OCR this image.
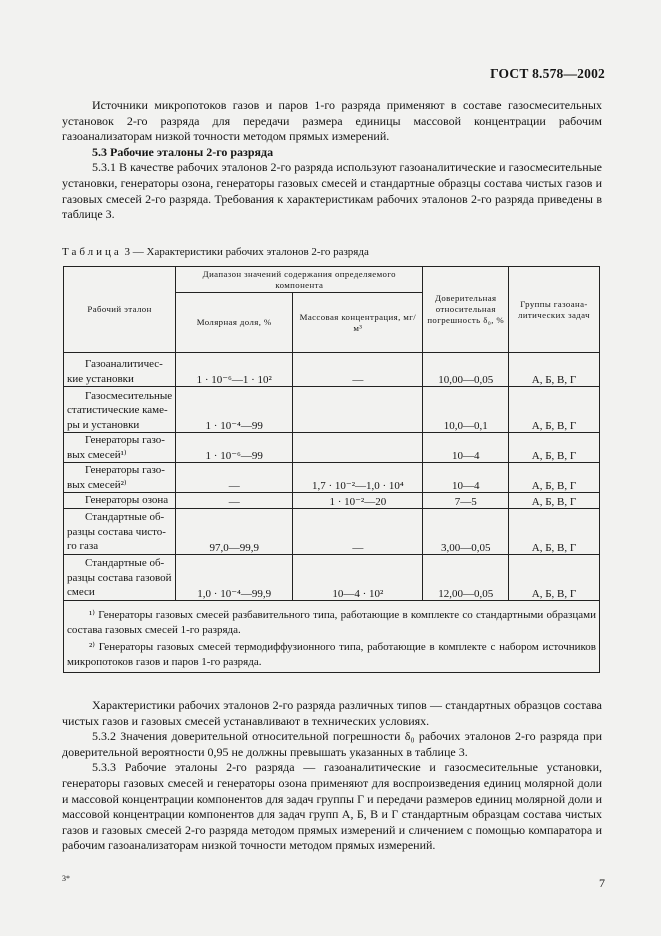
ГОСТ 8.578—2002

Источники микропотоков газов и паров 1-го разряда применяют в составе газосмесительных установок 2-го разряда для передачи размера единицы массовой концентрации рабочим газоанализаторам низкой точности методом прямых измерений.

5.3 Рабочие эталоны 2-го разряда

5.3.1 В качестве рабочих эталонов 2-го разряда используют газоаналитические и газосмесительные установки, генераторы озона, генераторы газовых смесей и стандартные образцы состава чистых газов и газовых смесей 2-го разряда. Требования к характеристикам рабочих эталонов 2-го разряда приведены в таблице 3.

Таблица 3 — Характеристики рабочих эталонов 2-го разряда
Рабочий эталон	Диапазон значений содержания определяемого компонента		Доверительная относительная погрешность δ₀, %	Группы газоана-литических задач
	Молярная доля, %	Массовая концентрация, мг/м³		

Газоаналитичес-
кие установки	1 · 10⁻⁶—1 · 10²	—	10,00—0,05	А, Б, В, Г

Газосмесительные
статистические каме-
ры и установки	1 · 10⁻⁴—99		10,0—0,1	А, Б, В, Г

Генераторы газо-
вых смесей¹⁾	1 · 10⁻⁶—99		10—4	А, Б, В, Г

Генераторы газо-
вых смесей²⁾	—	1,7 · 10⁻²—1,0 · 10⁴	10—4	А, Б, В, Г

Генераторы озона	—	1 · 10⁻²—20	7—5	А, Б, В, Г

Стандартные об-
разцы состава чисто-
го газа	97,0—99,9	—	3,00—0,05	А, Б, В, Г

Стандартные об-
разцы состава газовой
смеси	1,0 · 10⁻⁴—99,9	10—4 · 10²	12,00—0,05	А, Б, В, Г

¹⁾ Генераторы газовых смесей разбавительного типа, работающие в комплекте со стандартными образцами состава газовых смесей 1-го разряда.

²⁾ Генераторы газовых смесей термодиффузионного типа, работающие в комплекте с набором источников микропотоков газов и паров 1-го разряда.				

Характеристики рабочих эталонов 2-го разряда различных типов — стандартных образцов состава чистых газов и газовых смесей устанавливают в технических условиях.

5.3.2 Значения доверительной относительной погрешности δ₀ рабочих эталонов 2-го разряда при доверительной вероятности 0,95 не должны превышать указанных в таблице 3.

5.3.3 Рабочие эталоны 2-го разряда — газоаналитические и газосмесительные установки, генераторы газовых смесей и генераторы озона применяют для воспроизведения единиц молярной доли и массовой концентрации компонентов для задач группы Г и передачи размеров единиц молярной доли и массовой концентрации компонентов для задач групп А, Б, В и Г стандартным образцам состава чистых газов и газовых смесей 2-го разряда методом прямых измерений и сличением с помощью компаратора и рабочим газоанализаторам низкой точности методом прямых измерений.

3*	7
